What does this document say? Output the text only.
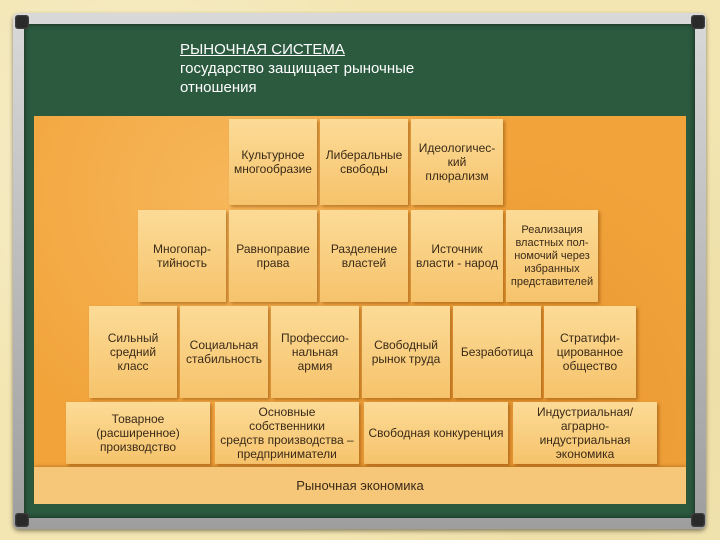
РЫНОЧНАЯ СИСТЕМА
государство защищает рыночные
отношения
Культурное
многообразие
Либеральные
свободы
Идеологичес-
кий плюрализм
Многопар-
тийность
Равноправие
права
Разделение
властей
Источник
власти - народ
Реализация
властных пол-
номочий через
избранных
представителей
Сильный
средний
класс
Социальная
стабильность
Профессио-
нальная
армия
Свободный
рынок труда	Безработица
Стратифи-
цированное
общество
Товарное
(расширенное)
производство
Основные собственники
средств производства –
предприниматели
Свободная конкуренция
Индустриальная/
аграрно-индустриальная
экономика
Рыночная экономика
